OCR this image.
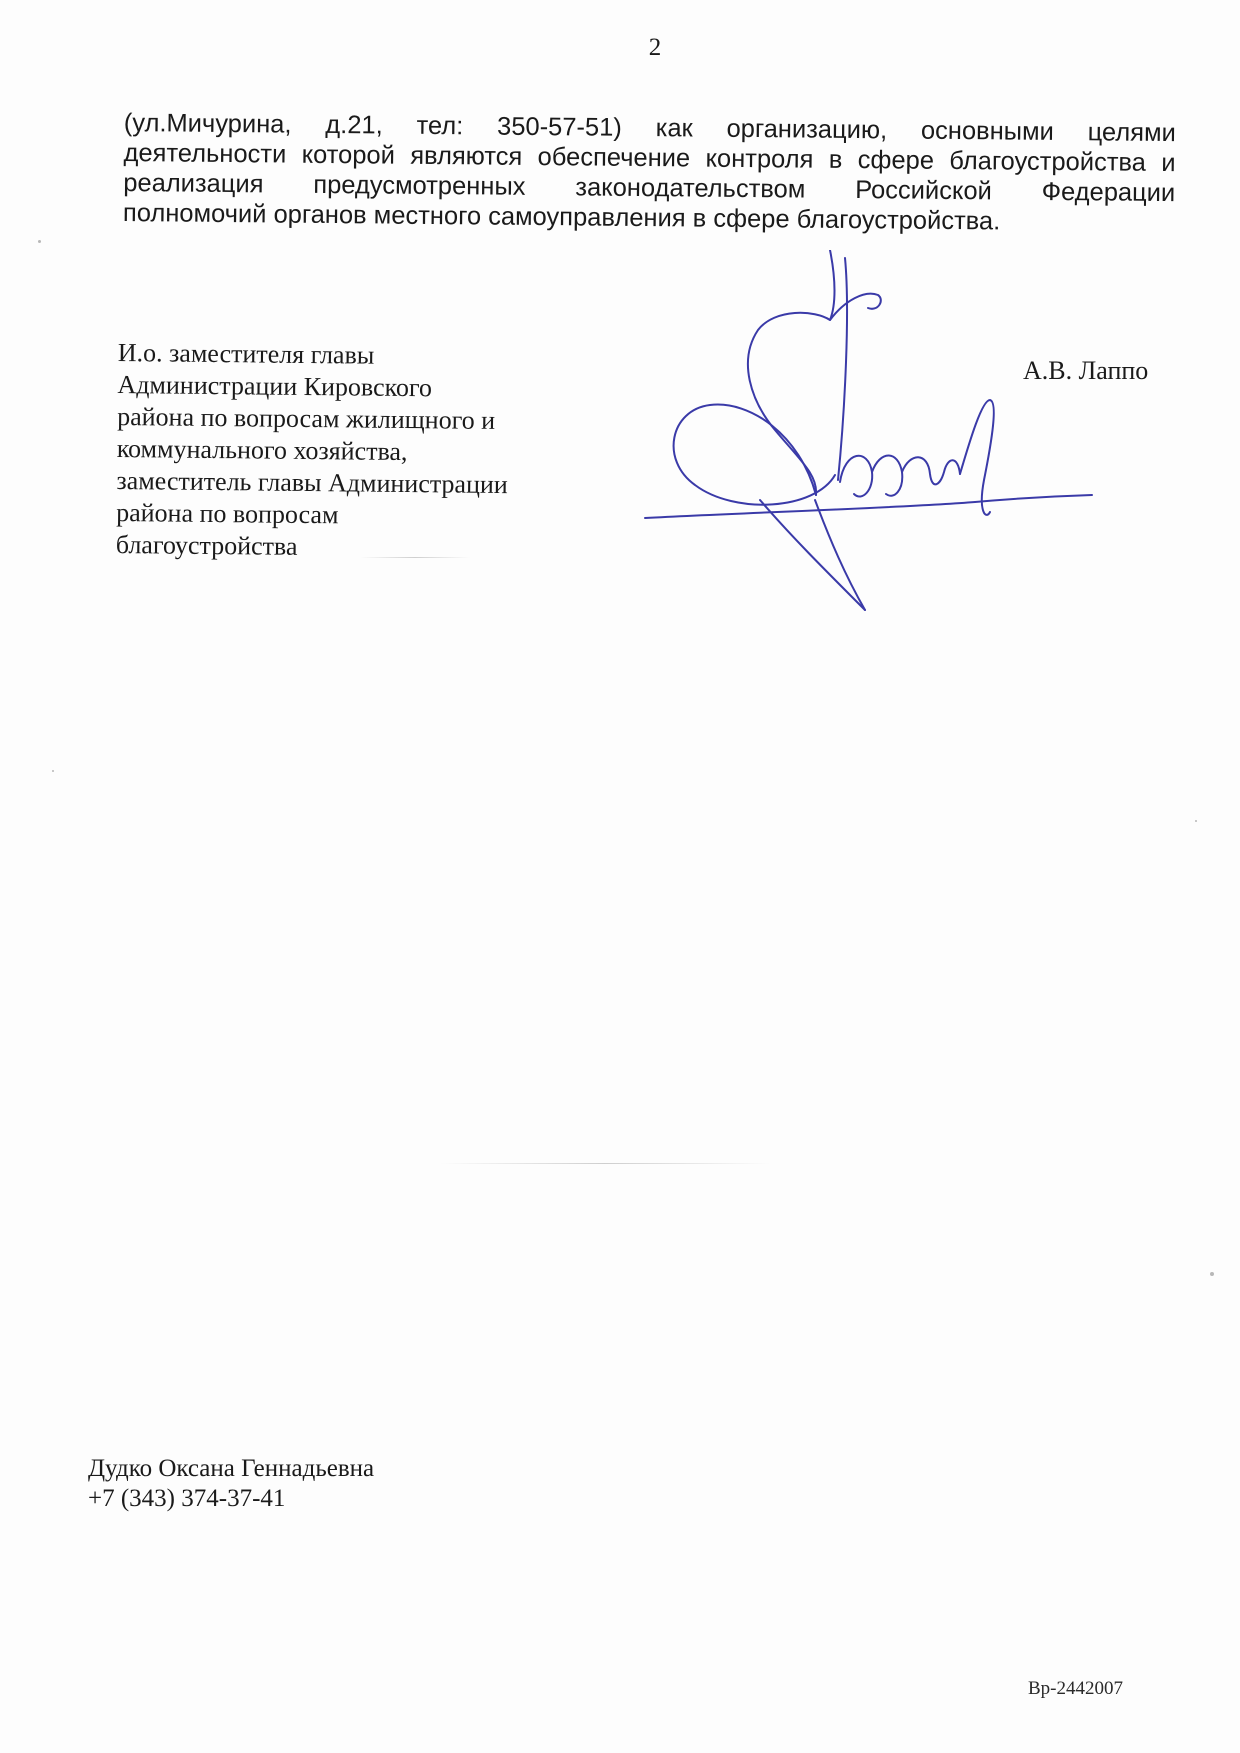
2
(ул.Мичурина, д.21, тел: 350-57-51) как организацию, основными целями
деятельности которой являются обеспечение контроля в сфере благоустройства и
реализация предусмотренных законодательством Российской Федерации
полномочий органов местного самоуправления в сфере благоустройства.
И.о. заместителя главы
Администрации Кировского
района по вопросам жилищного и
коммунального хозяйства,
заместитель главы Администрации
района по вопросам
благоустройства
А.В. Лаппо
Дудко Оксана Геннадьевна
+7 (343) 374-37-41
Вр-2442007
